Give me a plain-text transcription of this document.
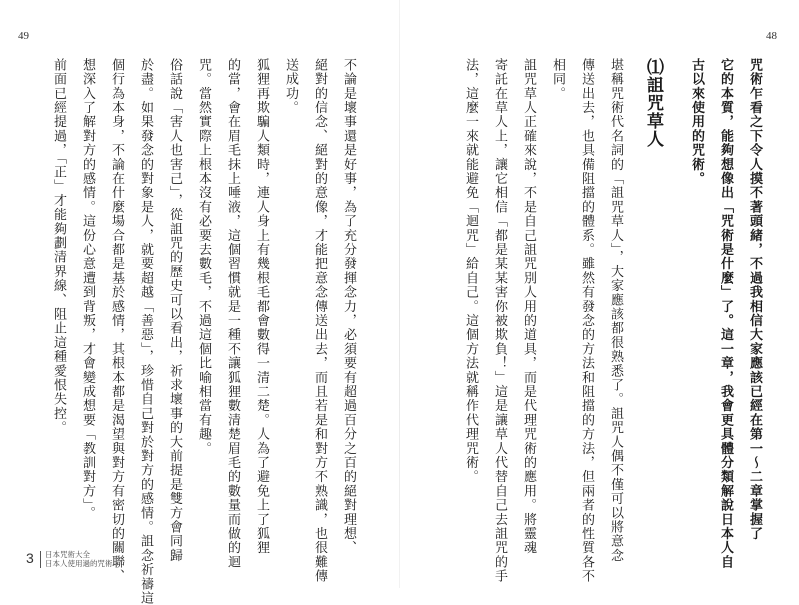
49
不論是壞事還是好事，為了充分發揮念力，必須要有超過百分之百的絕對理想、
絕對的信念、絕對的意像，才能把意念傳送出去，而且若是和對方不熟識，也很難傳
送成功。
狐狸再欺騙人類時，連人身上有幾根毛都會數得一清二楚。人為了避免上了狐狸
的當，會在眉毛抹上唾液，這個習慣就是一種不讓狐狸數清楚眉毛的數量而做的迴
咒。當然實際上根本沒有必要去數毛，不過這個比喻相當有趣。
俗話說「害人也害己」，從詛咒的歷史可以看出，祈求壞事的大前提是雙方會同歸
於盡。如果發念的對象是人，就要超越「善惡」，珍惜自己對於對方的感情。詛念祈禱這
個行為本身，不論在什麼場合都是基於感情，其根本都是渴望與對方有密切的關聯、
想深入了解對方的感情。這份心意遭到背叛，才會變成想要「教訓對方」。
前面已經提過，「正」才能夠劃清界線、阻止這種愛恨失控。
3 日本咒術大全
日本人使用過的咒術
48
咒術乍看之下令人摸不著頭緒，不過我相信大家應該已經在第一～二章掌握了
它的本質，能夠想像出「咒術是什麼」了。這一章，我會更具體分類解說日本人自
古以來使用的咒術。
⑴詛咒草人
堪稱咒術代名詞的「詛咒草人」，大家應該都很熟悉了。詛咒人偶不僅可以將意念
傳送出去，也具備阻擋的體系。雖然有發念的方法和阻擋的方法，但兩者的性質各不
相同。
詛咒草人正確來說，不是自己詛咒別人用的道具，而是代理咒術的應用。將靈魂
寄託在草人上，讓它相信「都是某某害你被欺負！」這是讓草人代替自己去詛咒的手
法，這麼一來就能避免「迴咒」給自己。這個方法就稱作代理咒術。
